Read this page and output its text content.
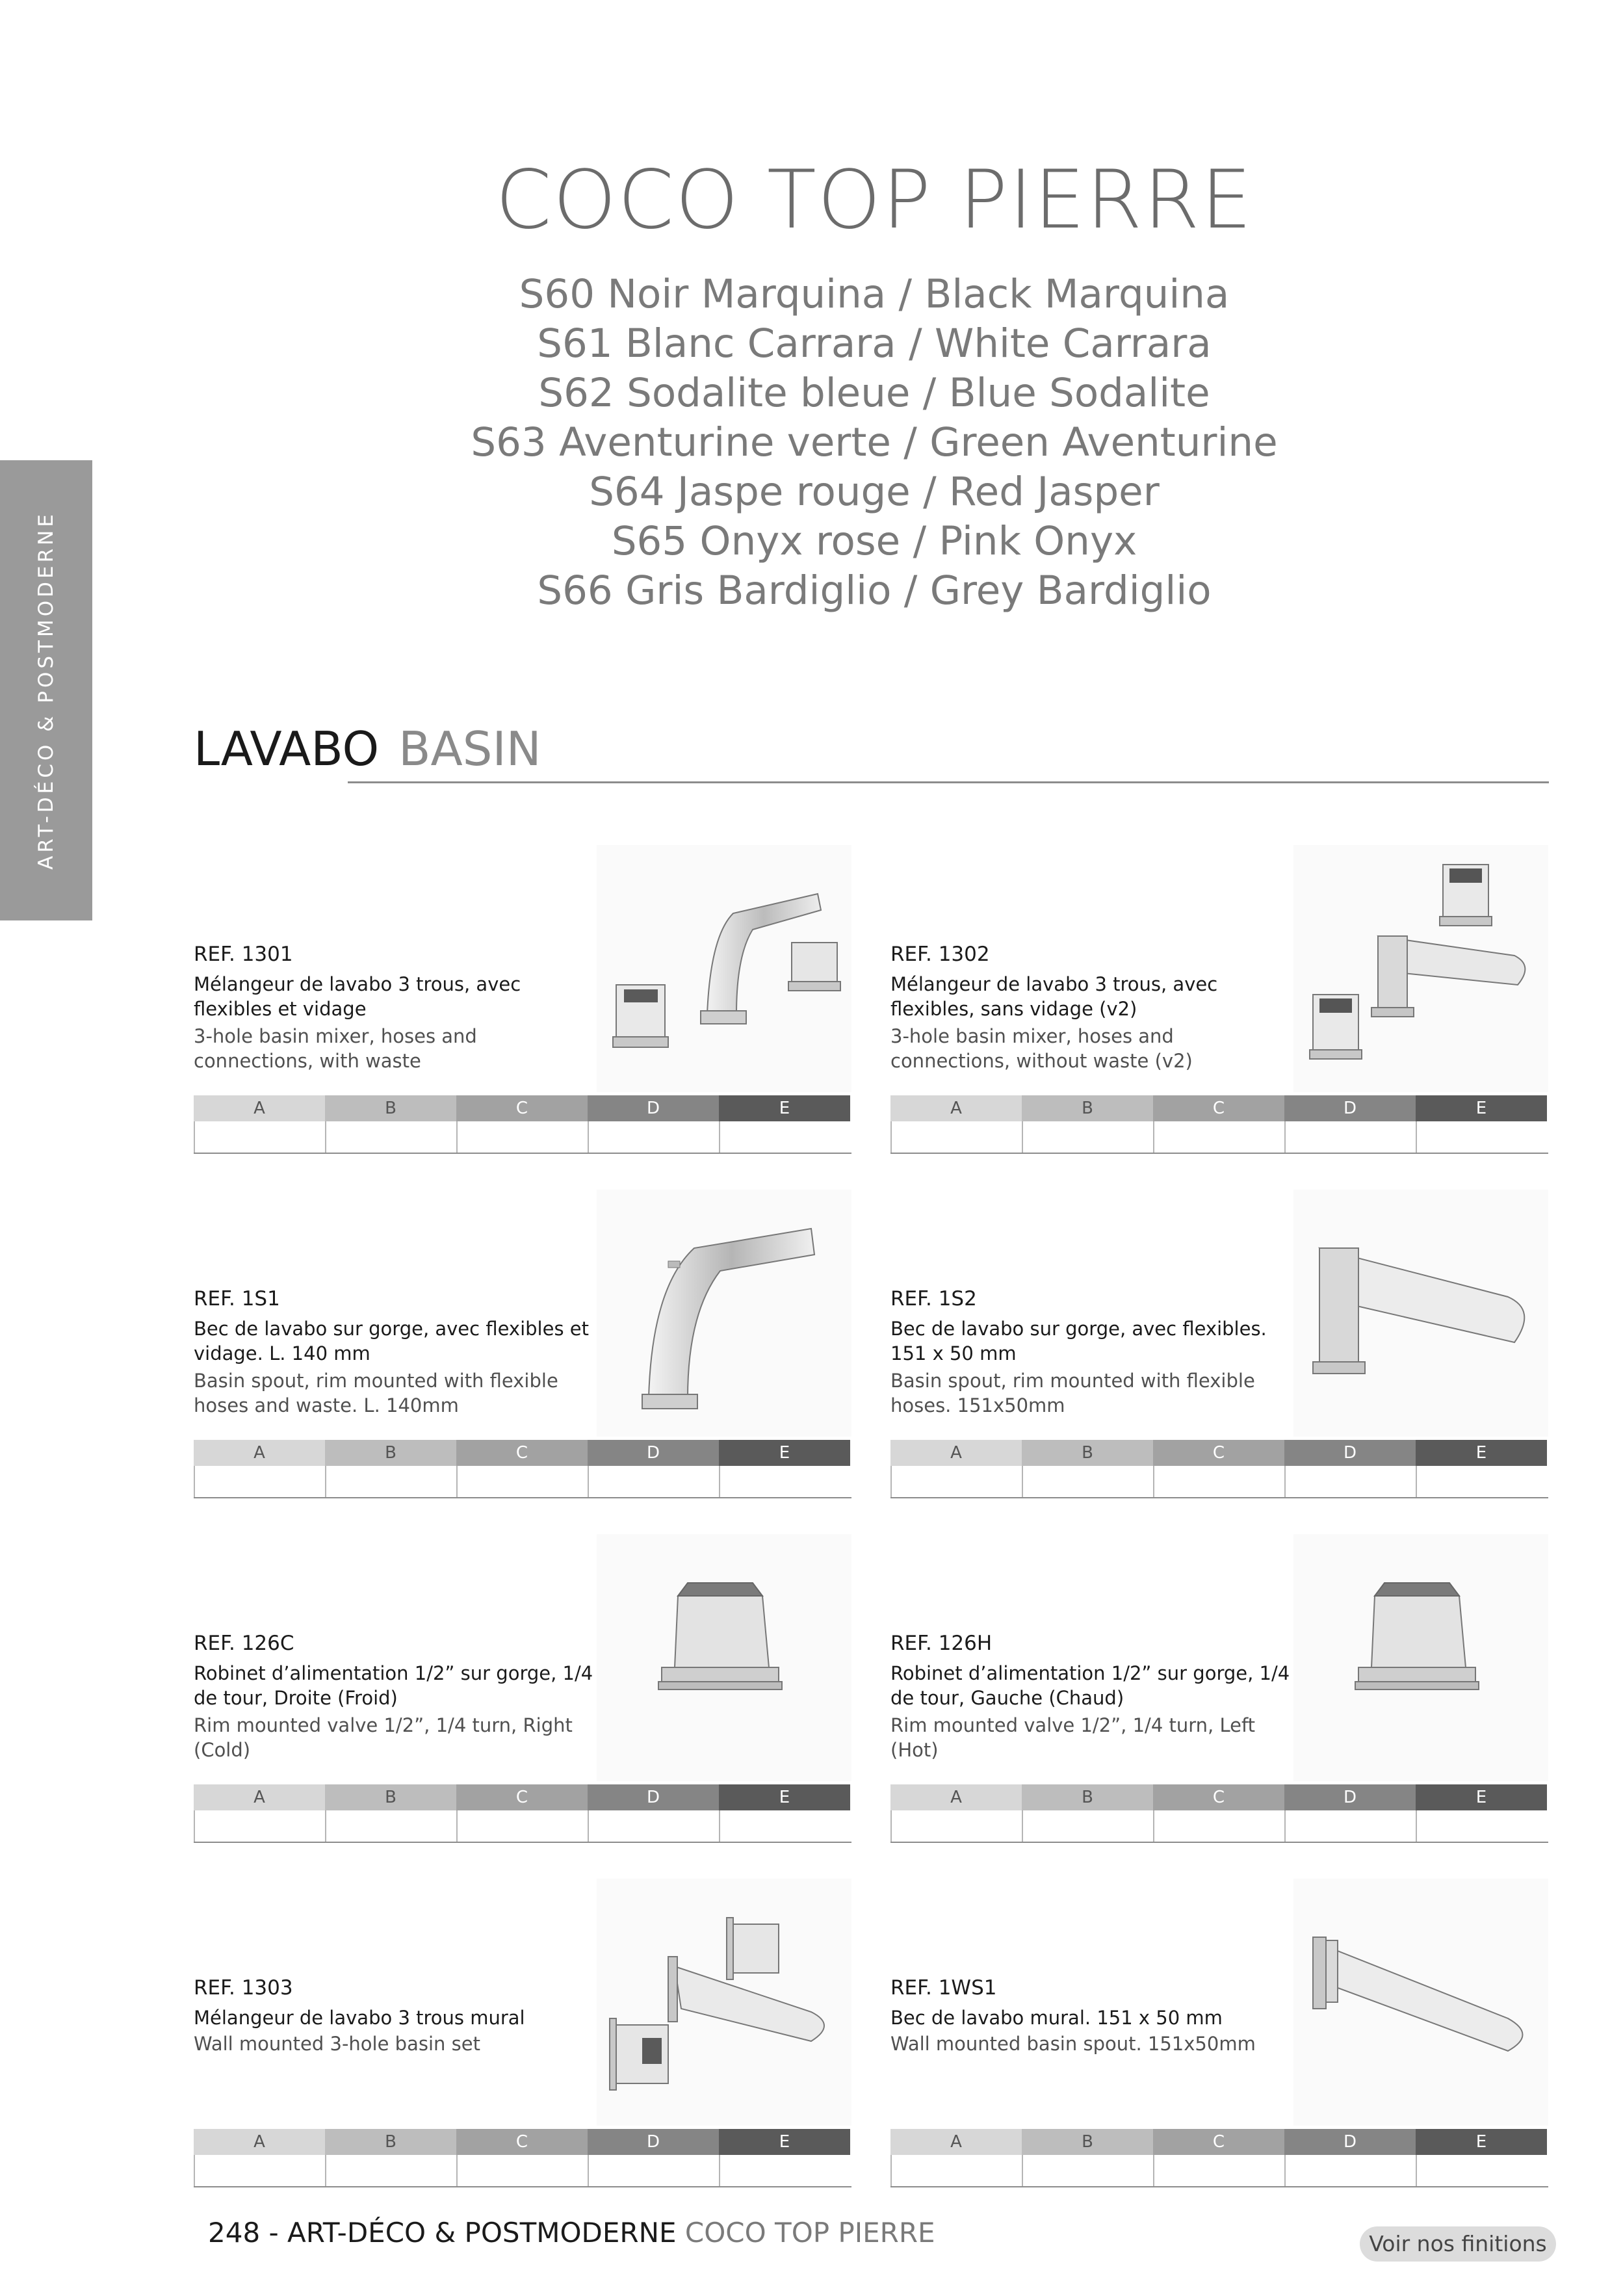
ART-DÉCO & POSTMODERNE
COCO TOP PIERRE
S60 Noir Marquina / Black Marquina
S61 Blanc Carrara / White Carrara
S62 Sodalite bleue / Blue Sodalite
S63 Aventurine verte / Green Aventurine
S64 Jaspe rouge / Red Jasper
S65 Onyx rose / Pink Onyx
S66 Gris Bardiglio / Grey Bardiglio
LAVABO BASIN
REF. 1301
Mélangeur de lavabo 3 trous, avec flexibles et vidage
3-hole basin mixer, hoses and connections, with waste
A	B	C	D	E
REF. 1302
Mélangeur de lavabo 3 trous, avec flexibles, sans vidage (v2)
3-hole basin mixer, hoses and connections, without waste (v2)
A	B	C	D	E
REF. 1S1
Bec de lavabo sur gorge, avec flexibles et vidage. L. 140 mm
Basin spout, rim mounted with flexible hoses and waste. L. 140mm
A	B	C	D	E
REF. 1S2
Bec de lavabo sur gorge, avec flexibles. 151 x 50 mm
Basin spout, rim mounted with flexible hoses. 151x50mm
A	B	C	D	E
REF. 126C
Robinet d’alimentation 1/2” sur gorge, 1/4 de tour, Droite (Froid)
Rim mounted valve 1/2”, 1/4 turn, Right (Cold)
A	B	C	D	E
REF. 126H
Robinet d’alimentation 1/2” sur gorge, 1/4 de tour, Gauche (Chaud)
Rim mounted valve 1/2”, 1/4 turn, Left (Hot)
A	B	C	D	E
REF. 1303
Mélangeur de lavabo 3 trous mural
Wall mounted 3-hole basin set
A	B	C	D	E
REF. 1WS1
Bec de lavabo mural. 151 x 50 mm
Wall mounted basin spout. 151x50mm
A	B	C	D	E
248 - ART-DÉCO & POSTMODERNE COCO TOP PIERRE	Voir nos finitions
